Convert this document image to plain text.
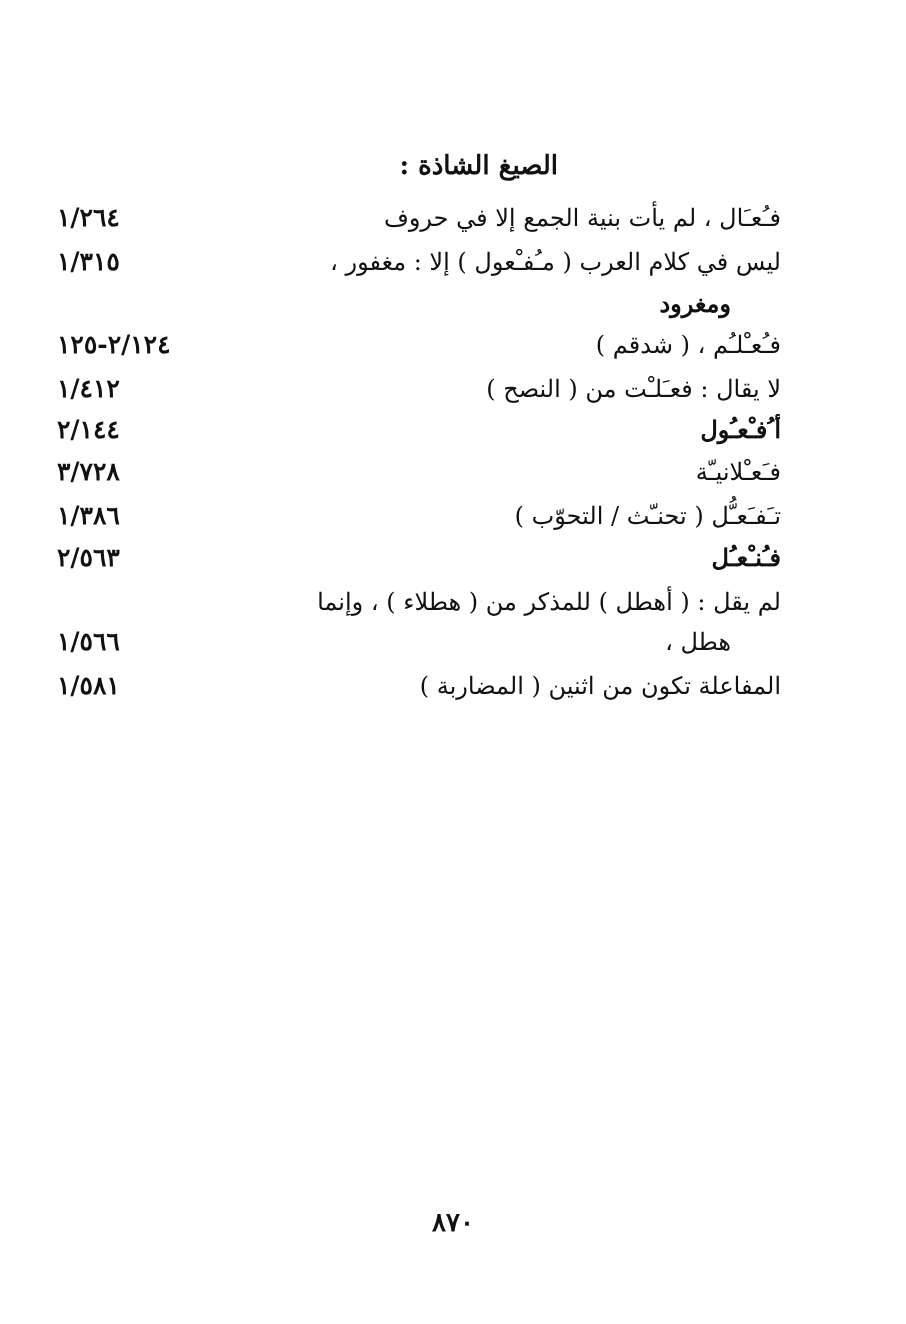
الصيغ الشاذة :
فـُعـَال ، لم يأت بنية الجمع إلا في حروف
١/٢٦٤
ليس في كلام العرب ( مـُفـْعول ) إلا : مغفور ،
١/٣١٥
ومغرود
فـُعـْلـُم ، ( شدقم )
٢/١٢٤-١٢٥
لا يقال : فعـَلـْت من ( النصح )
١/٤١٢
أ ُفـْعـُول
٢/١٤٤
فـَعـْلانيـّة
٣/٧٢٨
تـَفـَعـُّل ( تحنـّث / التحوّب )
١/٣٨٦
فـُنـْعـُل
٢/٥٦٣
لم يقل : ( أهطل ) للمذكر من ( هطلاء ) ، وإنما
هطل ،
١/٥٦٦
المفاعلة تكون من اثنين ( المضاربة )
١/٥٨١
٨٧٠
